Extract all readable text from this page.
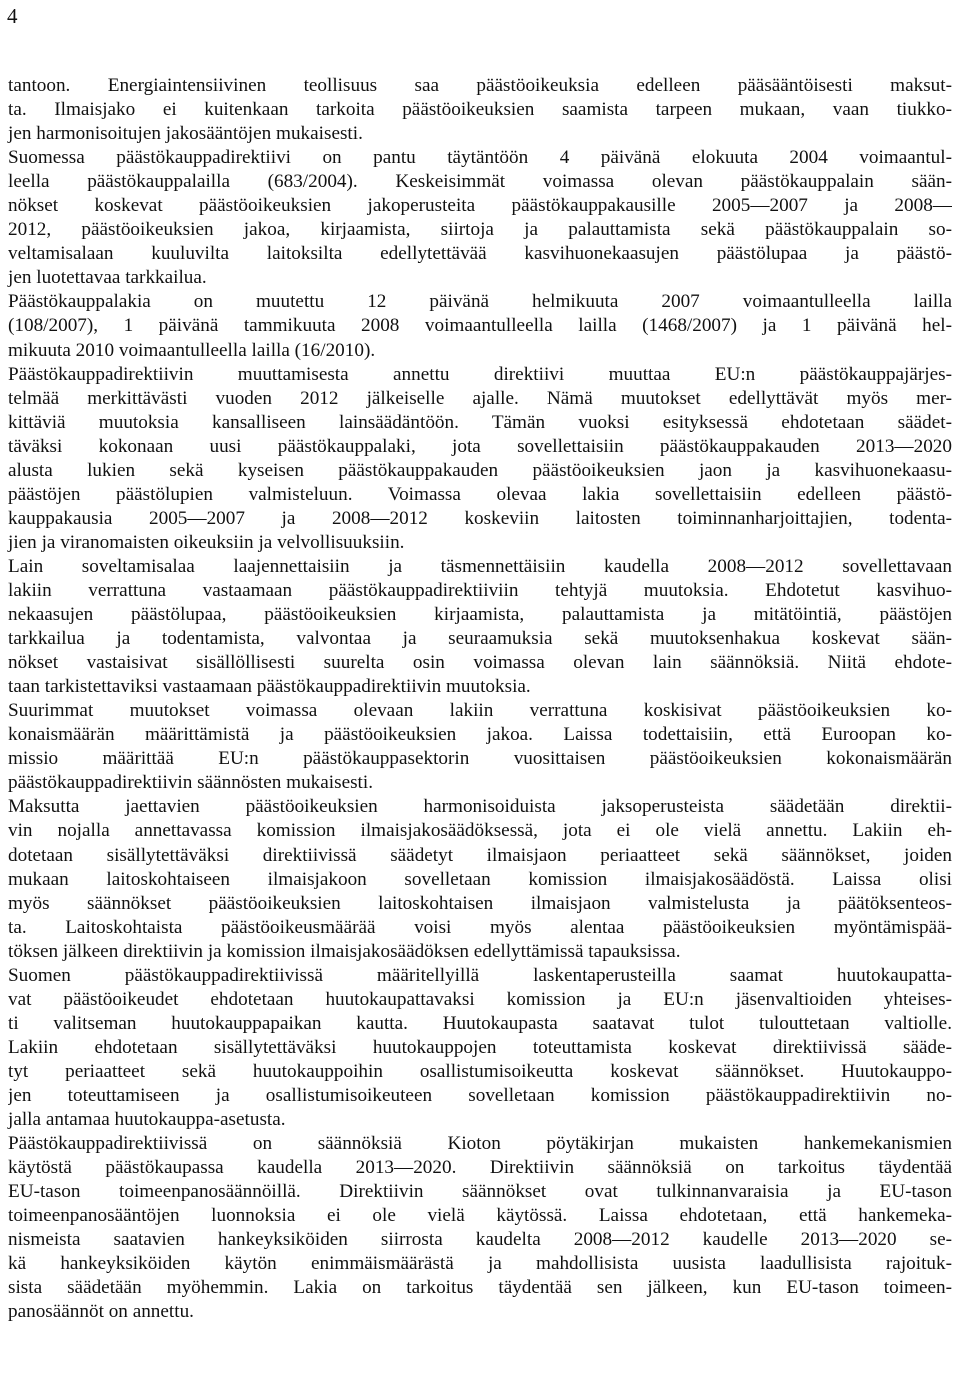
4
tantoon. Energiaintensiivinen teollisuus saa päästöoikeuksia edelleen pääsääntöisesti maksut-
ta. Ilmaisjako ei kuitenkaan tarkoita päästöoikeuksien saamista tarpeen mukaan, vaan tiukko-
jen harmonisoitujen jakosääntöjen mukaisesti.
Suomessa päästökauppadirektiivi on pantu täytäntöön 4 päivänä elokuuta 2004 voimaantul-
leella päästökauppalailla (683/2004). Keskeisimmät voimassa olevan päästökauppalain sään-
nökset koskevat päästöoikeuksien jakoperusteita päästökauppakausille 2005—2007 ja 2008—
2012, päästöoikeuksien jakoa, kirjaamista, siirtoja ja palauttamista sekä päästökauppalain so-
veltamisalaan kuuluvilta laitoksilta edellytettävää kasvihuonekaasujen päästölupaa ja päästö-
jen luotettavaa tarkkailua.
Päästökauppalakia on muutettu 12 päivänä helmikuuta 2007 voimaantulleella lailla
(108/2007), 1 päivänä tammikuuta 2008 voimaantulleella lailla (1468/2007) ja 1 päivänä hel-
mikuuta 2010 voimaantulleella lailla (16/2010).
Päästökauppadirektiivin muuttamisesta annettu direktiivi muuttaa EU:n päästökauppajärjes-
telmää merkittävästi vuoden 2012 jälkeiselle ajalle. Nämä muutokset edellyttävät myös mer-
kittäviä muutoksia kansalliseen lainsäädäntöön. Tämän vuoksi esityksessä ehdotetaan säädet-
täväksi kokonaan uusi päästökauppalaki, jota sovellettaisiin päästökauppakauden 2013—2020
alusta lukien sekä kyseisen päästökauppakauden päästöoikeuksien jaon ja kasvihuonekaasu-
päästöjen päästölupien valmisteluun. Voimassa olevaa lakia sovellettaisiin edelleen päästö-
kauppakausia 2005—2007 ja 2008—2012 koskeviin laitosten toiminnanharjoittajien, todenta-
jien ja viranomaisten oikeuksiin ja velvollisuuksiin.
Lain soveltamisalaa laajennettaisiin ja täsmennettäisiin kaudella 2008—2012 sovellettavaan
lakiin verrattuna vastaamaan päästökauppadirektiiviin tehtyjä muutoksia. Ehdotetut kasvihuo-
nekaasujen päästölupaa, päästöoikeuksien kirjaamista, palauttamista ja mitätöintiä, päästöjen
tarkkailua ja todentamista, valvontaa ja seuraamuksia sekä muutoksenhakua koskevat sään-
nökset vastaisivat sisällöllisesti suurelta osin voimassa olevan lain säännöksiä. Niitä ehdote-
taan tarkistettaviksi vastaamaan päästökauppadirektiivin muutoksia.
Suurimmat muutokset voimassa olevaan lakiin verrattuna koskisivat päästöoikeuksien ko-
konaismäärän määrittämistä ja päästöoikeuksien jakoa. Laissa todettaisiin, että Euroopan ko-
missio määrittää EU:n päästökauppasektorin vuosittaisen päästöoikeuksien kokonaismäärän
päästökauppadirektiivin säännösten mukaisesti.
Maksutta jaettavien päästöoikeuksien harmonisoiduista jaksoperusteista säädetään direktii-
vin nojalla annettavassa komission ilmaisjakosäädöksessä, jota ei ole vielä annettu. Lakiin eh-
dotetaan sisällytettäväksi direktiivissä säädetyt ilmaisjaon periaatteet sekä säännökset, joiden
mukaan laitoskohtaiseen ilmaisjakoon sovelletaan komission ilmaisjakosäädöstä. Laissa olisi
myös säännökset päästöoikeuksien laitoskohtaisen ilmaisjaon valmistelusta ja päätöksenteos-
ta. Laitoskohtaista päästöoikeusmäärää voisi myös alentaa päästöoikeuksien myöntämispää-
töksen jälkeen direktiivin ja komission ilmaisjakosäädöksen edellyttämissä tapauksissa.
Suomen päästökauppadirektiivissä määritellyillä laskentaperusteilla saamat huutokaupatta-
vat päästöoikeudet ehdotetaan huutokaupattavaksi komission ja EU:n jäsenvaltioiden yhteises-
ti valitseman huutokauppapaikan kautta. Huutokaupasta saatavat tulot tulouttetaan valtiolle.
Lakiin ehdotetaan sisällytettäväksi huutokauppojen toteuttamista koskevat direktiivissä sääde-
tyt periaatteet sekä huutokauppoihin osallistumisoikeutta koskevat säännökset. Huutokauppo-
jen toteuttamiseen ja osallistumisoikeuteen sovelletaan komission päästökauppadirektiivin no-
jalla antamaa huutokauppa-asetusta.
Päästökauppadirektiivissä on säännöksiä Kioton pöytäkirjan mukaisten hankemekanismien
käytöstä päästökaupassa kaudella 2013—2020. Direktiivin säännöksiä on tarkoitus täydentää
EU-tason toimeenpanosäännöillä. Direktiivin säännökset ovat tulkinnanvaraisia ja EU-tason
toimeenpanosääntöjen luonnoksia ei ole vielä käytössä. Laissa ehdotetaan, että hankemeka-
nismeista saatavien hankeyksiköiden siirrosta kaudelta 2008—2012 kaudelle 2013—2020 se-
kä hankeyksiköiden käytön enimmäismäärästä ja mahdollisista uusista laadullisista rajoituk-
sista säädetään myöhemmin. Lakia on tarkoitus täydentää sen jälkeen, kun EU-tason toimeen-
panosäännöt on annettu.
